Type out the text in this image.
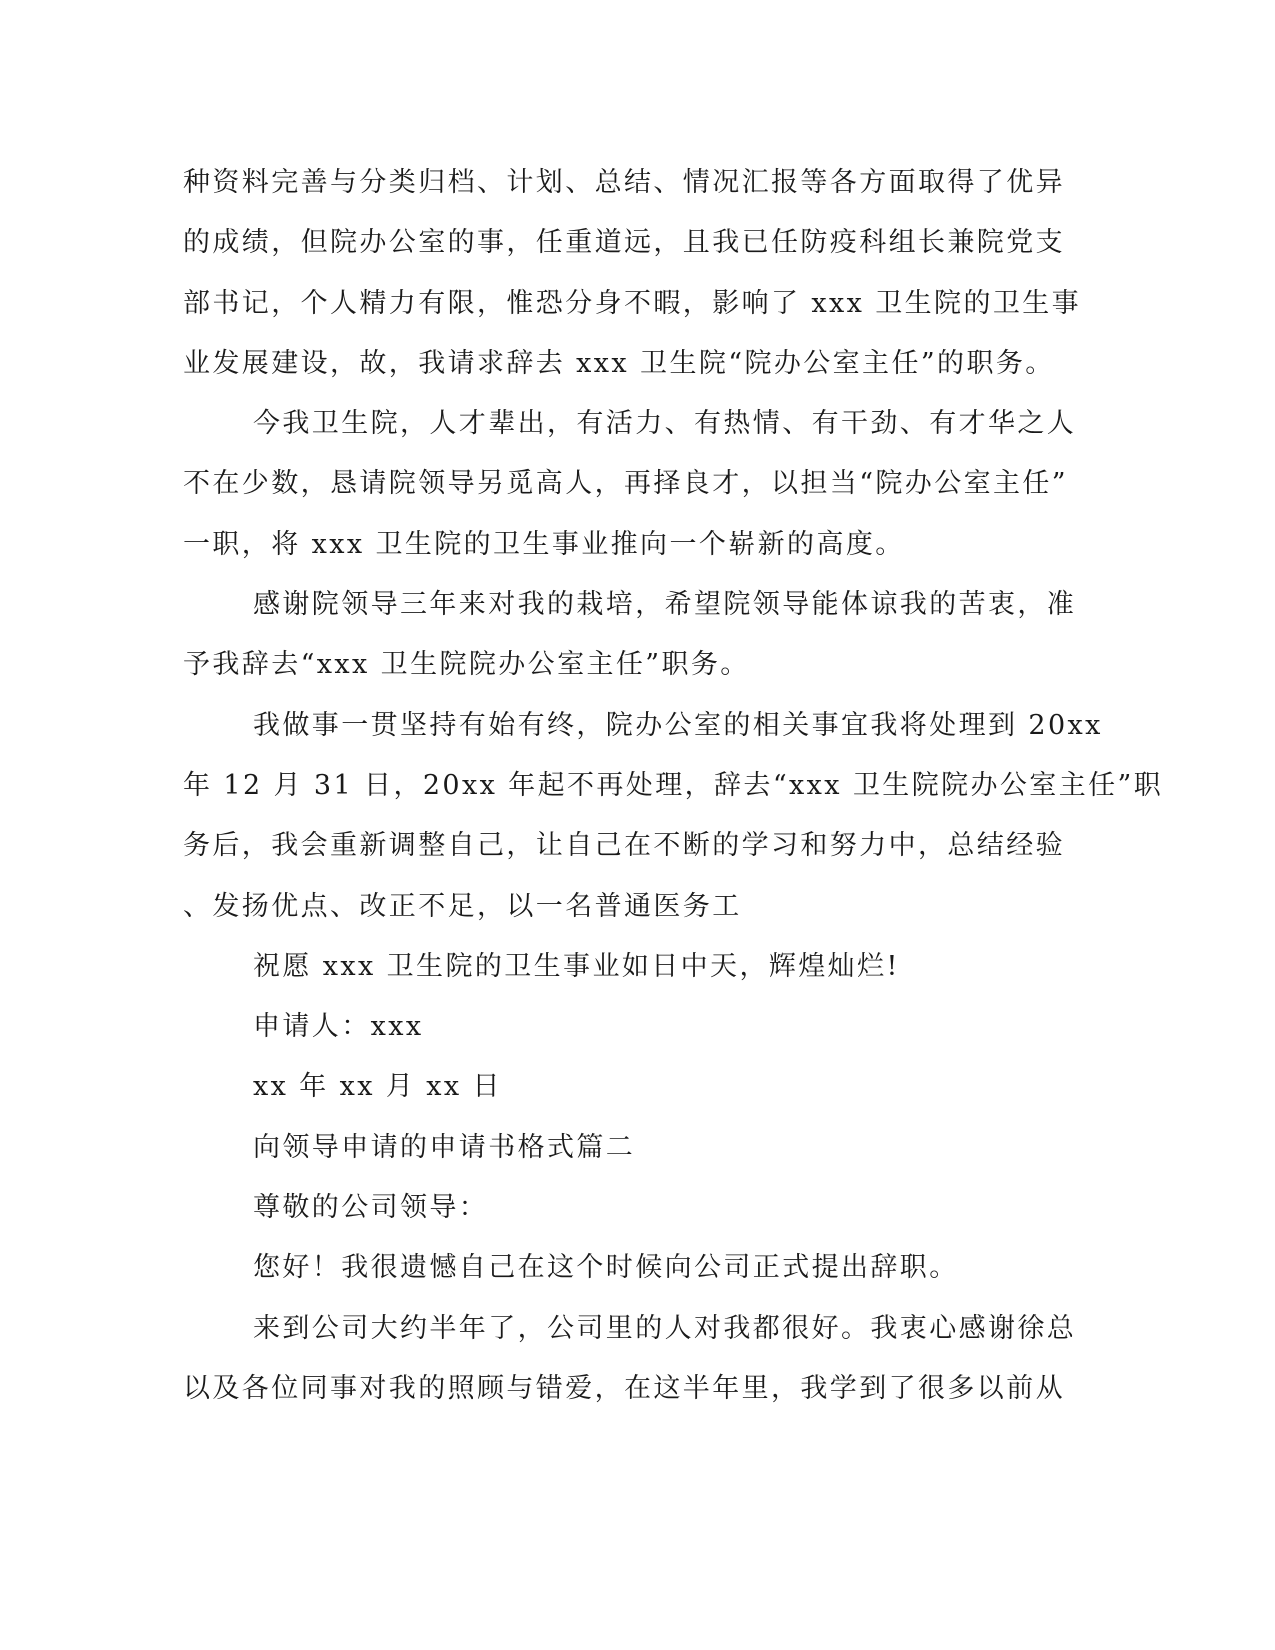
种资料完善与分类归档、计划、总结、情况汇报等各方面取得了优异
的成绩，但院办公室的事，任重道远，且我已任防疫科组长兼院党支
部书记，个人精力有限，惟恐分身不暇，影响了 xxx 卫生院的卫生事
业发展建设，故，我请求辞去 xxx 卫生院“院办公室主任”的职务。
今我卫生院，人才辈出，有活力、有热情、有干劲、有才华之人
不在少数，恳请院领导另觅高人，再择良才，以担当“院办公室主任”
一职，将 xxx 卫生院的卫生事业推向一个崭新的高度。
感谢院领导三年来对我的栽培，希望院领导能体谅我的苦衷，准
予我辞去“xxx 卫生院院办公室主任”职务。
我做事一贯坚持有始有终，院办公室的相关事宜我将处理到 20xx
年 12 月 31 日，20xx 年起不再处理，辞去“xxx 卫生院院办公室主任”职
务后，我会重新调整自己，让自己在不断的学习和努力中，总结经验
、发扬优点、改正不足，以一名普通医务工
祝愿 xxx 卫生院的卫生事业如日中天，辉煌灿烂!
申请人：xxx
xx 年 xx 月 xx 日
向领导申请的申请书格式篇二
尊敬的公司领导：
您好！我很遗憾自己在这个时候向公司正式提出辞职。
来到公司大约半年了，公司里的人对我都很好。我衷心感谢徐总
以及各位同事对我的照顾与错爱，在这半年里，我学到了很多以前从
